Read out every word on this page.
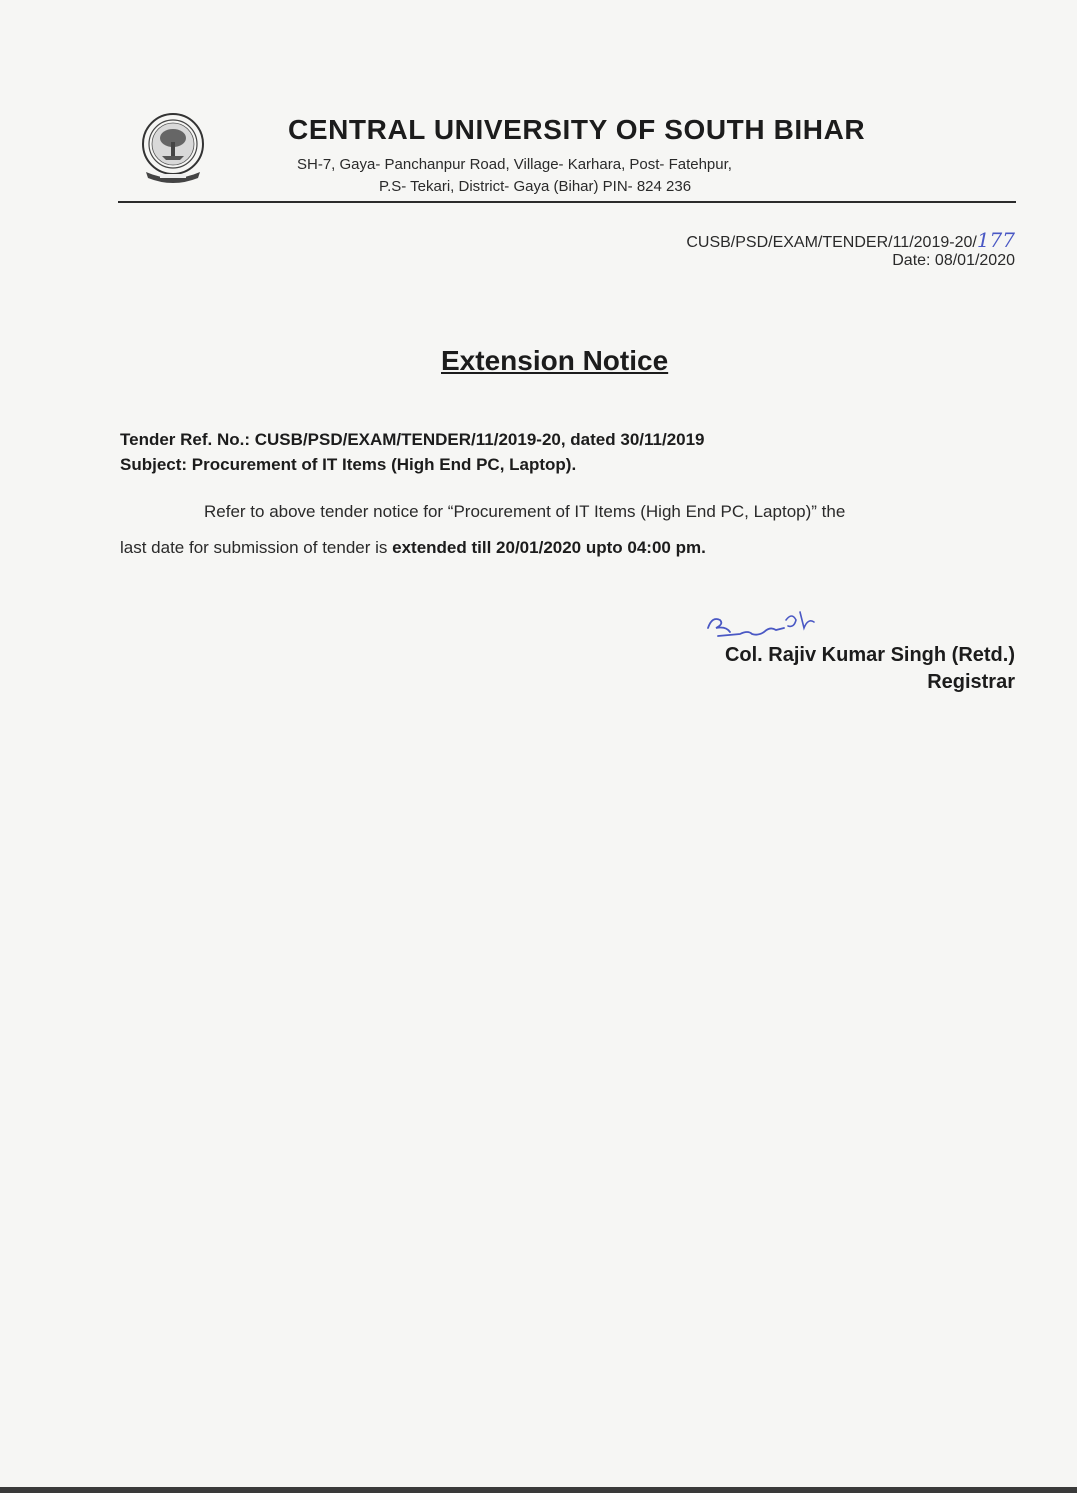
CENTRAL UNIVERSITY OF SOUTH BIHAR
SH-7, Gaya- Panchanpur Road, Village- Karhara, Post- Fatehpur,
P.S- Tekari, District- Gaya (Bihar) PIN- 824 236
CUSB/PSD/EXAM/TENDER/11/2019-20/177
Date: 08/01/2020
Extension Notice
Tender Ref. No.: CUSB/PSD/EXAM/TENDER/11/2019-20, dated 30/11/2019
Subject: Procurement of IT Items (High End PC, Laptop).
Refer to above tender notice for “Procurement of IT Items (High End PC, Laptop)” the
last date for submission of tender is extended till 20/01/2020 upto 04:00 pm.
Col. Rajiv Kumar Singh (Retd.)
Registrar
